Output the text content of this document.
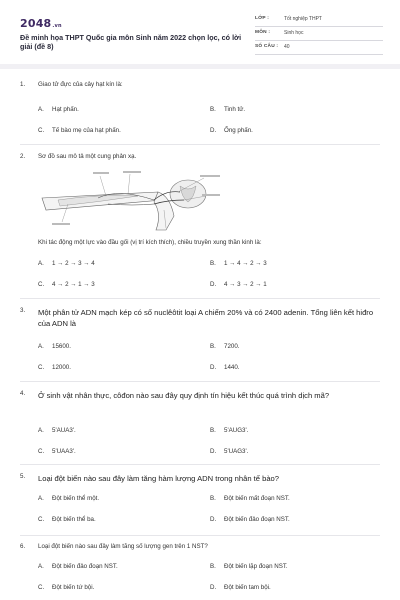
2048.vn
Đề minh họa THPT Quốc gia môn Sinh năm 2022 chọn lọc, có lời giải (đề 8)
LỚP :	Tốt nghiệp THPT
MÔN :	Sinh học
SỐ CÂU : 40
1. Giao tử đực của cây hạt kín là:
A. Hạt phấn.	B. Tinh tử.
C. Tế bào mẹ của hạt phấn.	D. Ống phấn.
2. Sơ đồ sau mô tả một cung phản xạ.
Khi tác động một lực vào đầu gối (vị trí kích thích), chiều truyền xung thần kinh là:
A. 1 → 2 → 3 → 4	B. 1 → 4 → 2 → 3
C. 4 → 2 → 1 → 3	D. 4 → 3 → 2 → 1
3. Một phân tử ADN mạch kép có số nuclêôtit loại A chiếm 20% và có 2400 adenin. Tổng liên kết hiđro của ADN là
A. 15600.	B. 7200.
C. 12000.	D. 1440.
4. Ở sinh vật nhân thực, côđon nào sau đây quy định tín hiệu kết thúc quá trình dịch mã?
A. 5'AUA3'.	B. 5'AUG3'.
C. 5'UAA3'.	D. 5'UAG3'.
5. Loại đột biến nào sau đây làm tăng hàm lượng ADN trong nhân tế bào?
A. Đột biến thể một.	B. Đột biến mất đoạn NST.
C. Đột biến thể ba.	D. Đột biến đảo đoạn NST.
6. Loại đột biến nào sau đây làm tăng số lượng gen trên 1 NST?
A. Đột biến đảo đoạn NST.	B. Đột biến lặp đoạn NST.
C. Đột biến tứ bội.	D. Đột biến tam bội.
